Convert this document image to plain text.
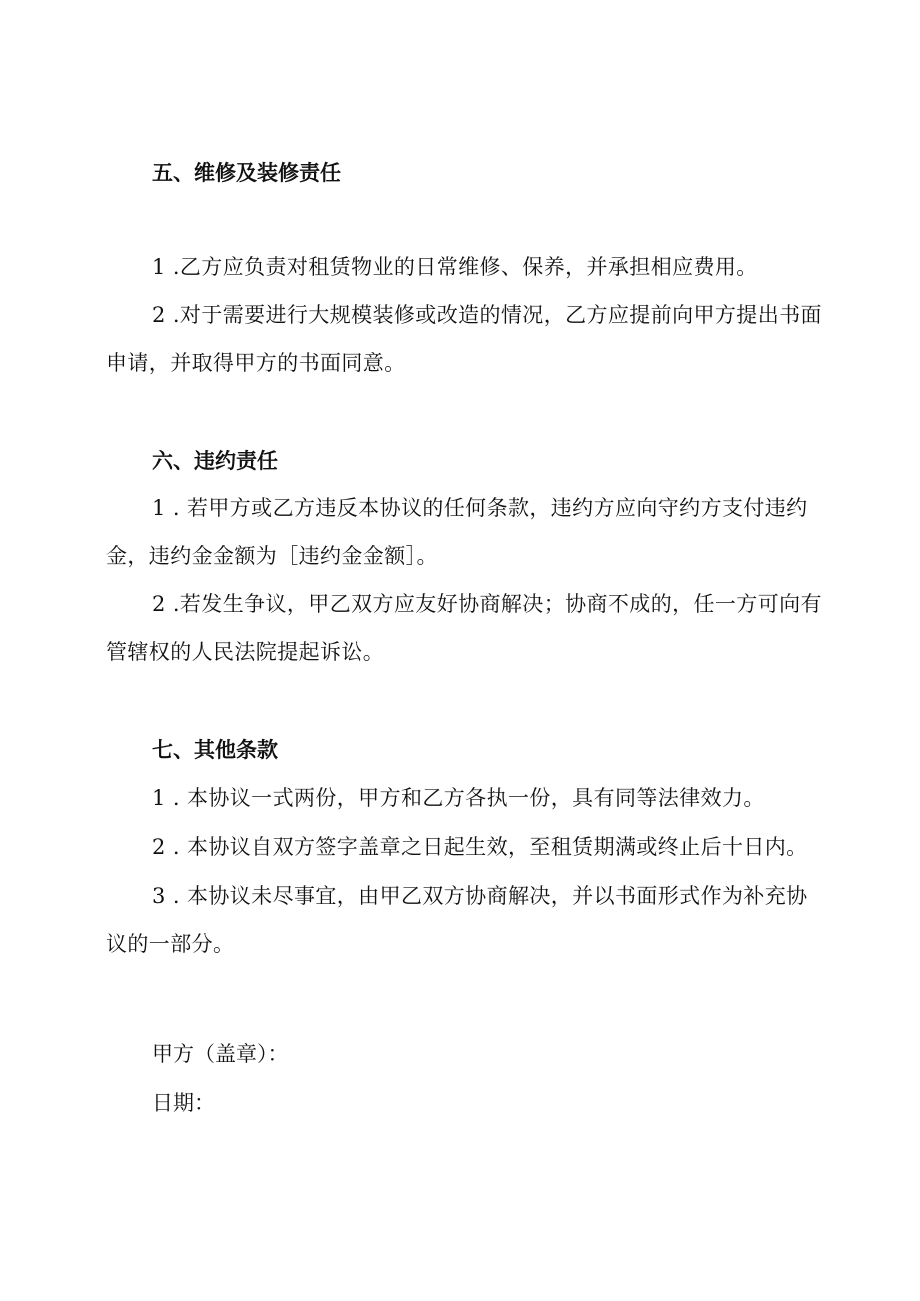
五、维修及装修责任
1 .乙方应负责对租赁物业的日常维修、保养，并承担相应费用。
2 .对于需要进行大规模装修或改造的情况，乙方应提前向甲方提出书面申请，并取得甲方的书面同意。
六、违约责任
1 . 若甲方或乙方违反本协议的任何条款，违约方应向守约方支付违约金，违约金金额为［违约金金额］。
2 .若发生争议，甲乙双方应友好协商解决；协商不成的，任一方可向有管辖权的人民法院提起诉讼。
七、其他条款
1 . 本协议一式两份，甲方和乙方各执一份，具有同等法律效力。
2 . 本协议自双方签字盖章之日起生效，至租赁期满或终止后十日内。
3 . 本协议未尽事宜，由甲乙双方协商解决，并以书面形式作为补充协议的一部分。
甲方（盖章）：
日期：
